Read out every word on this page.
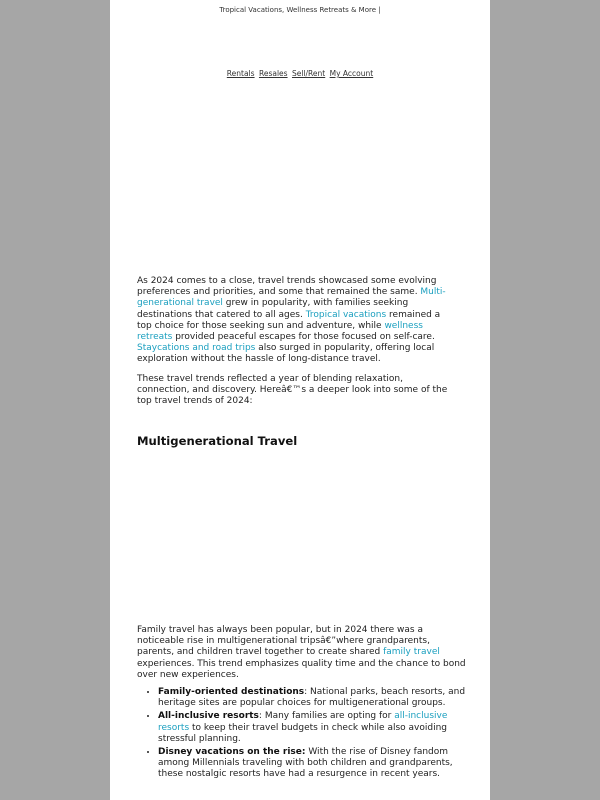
Tropical Vacations, Wellness Retreats & More |
Rentals Resales Sell/Rent My Account

As 2024 comes to a close, travel trends showcased some evolving preferences and priorities, and some that remained the same. Multi-generational travel grew in popularity, with families seeking destinations that catered to all ages. Tropical vacations remained a top choice for those seeking sun and adventure, while wellness retreats provided peaceful escapes for those focused on self-care. Staycations and road trips also surged in popularity, offering local exploration without the hassle of long-distance travel.

These travel trends reflected a year of blending relaxation, connection, and discovery. Hereâ€™s a deeper look into some of the top travel trends of 2024:

Multigenerational Travel

Family travel has always been popular, but in 2024 there was a noticeable rise in multigenerational tripsâ€”where grandparents, parents, and children travel together to create shared family travel experiences. This trend emphasizes quality time and the chance to bond over new experiences.

• Family-oriented destinations: National parks, beach resorts, and heritage sites are popular choices for multigenerational groups.
• All-inclusive resorts: Many families are opting for all-inclusive resorts to keep their travel budgets in check while also avoiding stressful planning.
• Disney vacations on the rise: With the rise of Disney fandom among Millennials traveling with both children and grandparents, these nostalgic resorts have had a resurgence in recent years.
